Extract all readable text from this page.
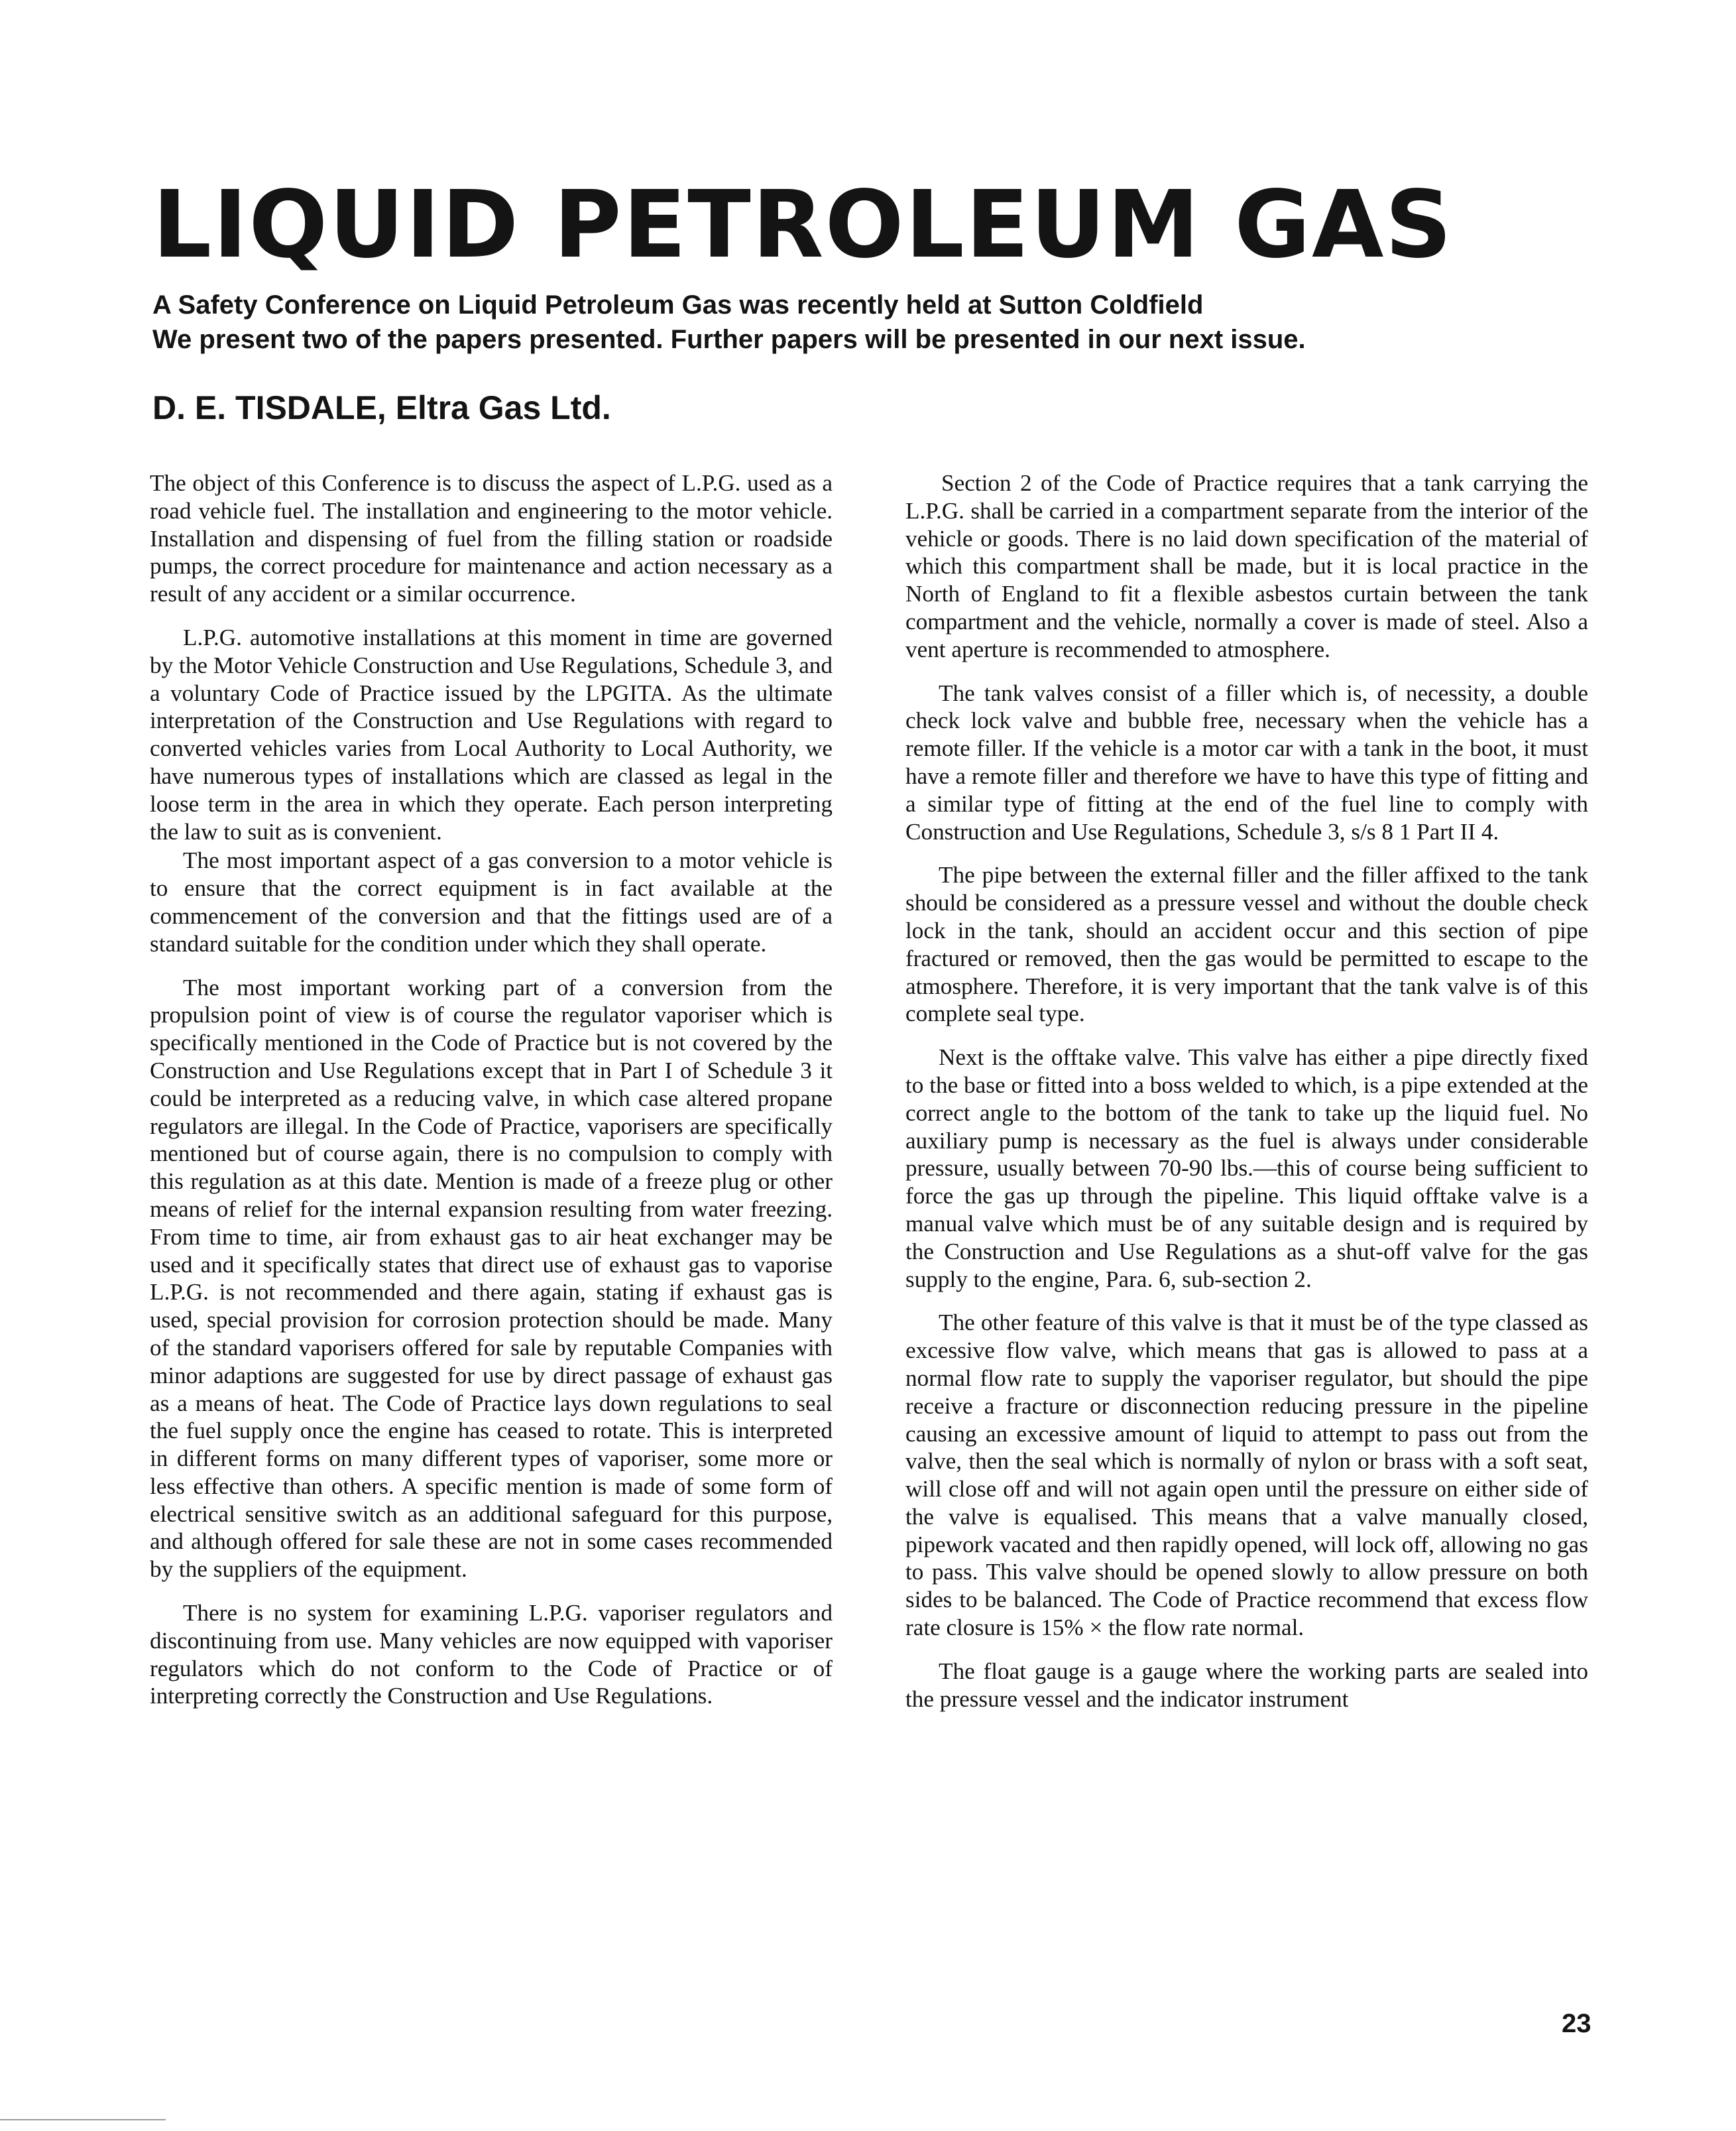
LIQUID PETROLEUM GAS
A Safety Conference on Liquid Petroleum Gas was recently held at Sutton Coldfield
We present two of the papers presented. Further papers will be presented in our next issue.
D. E. TISDALE, Eltra Gas Ltd.

The object of this Conference is to discuss the aspect of L.P.G. used as a road vehicle fuel. The installation and engineering to the motor vehicle. Installation and dispensing of fuel from the filling station or roadside pumps, the correct procedure for maintenance and action necessary as a result of any accident or a similar occurrence.

L.P.G. automotive installations at this moment in time are governed by the Motor Vehicle Construction and Use Regulations, Schedule 3, and a voluntary Code of Practice issued by the LPGITA. As the ultimate interpretation of the Construction and Use Regulations with regard to converted vehicles varies from Local Authority to Local Authority, we have numerous types of installations which are classed as legal in the loose term in the area in which they operate. Each person interpreting the law to suit as is convenient.

The most important aspect of a gas conversion to a motor vehicle is to ensure that the correct equipment is in fact available at the commencement of the conversion and that the fittings used are of a standard suitable for the condition under which they shall operate.

The most important working part of a conversion from the propulsion point of view is of course the regulator vaporiser which is specifically mentioned in the Code of Practice but is not covered by the Construction and Use Regulations except that in Part I of Schedule 3 it could be interpreted as a reducing valve, in which case altered propane regulators are illegal. In the Code of Practice, vaporisers are specifically mentioned but of course again, there is no compulsion to comply with this regulation as at this date. Mention is made of a freeze plug or other means of relief for the internal expansion resulting from water freezing. From time to time, air from exhaust gas to air heat exchanger may be used and it specifically states that direct use of exhaust gas to vaporise L.P.G. is not recommended and there again, stating if exhaust gas is used, special provision for corrosion protection should be made. Many of the standard vaporisers offered for sale by reputable Companies with minor adaptions are suggested for use by direct passage of exhaust gas as a means of heat. The Code of Practice lays down regulations to seal the fuel supply once the engine has ceased to rotate. This is interpreted in different forms on many different types of vaporiser, some more or less effective than others. A specific mention is made of some form of electrical sensitive switch as an additional safeguard for this purpose, and although offered for sale these are not in some cases recommended by the suppliers of the equipment.

There is no system for examining L.P.G. vaporiser regulators and discontinuing from use. Many vehicles are now equipped with vaporiser regulators which do not conform to the Code of Practice or of interpreting correctly the Construction and Use Regulations.

Section 2 of the Code of Practice requires that a tank carrying the L.P.G. shall be carried in a compartment separate from the interior of the vehicle or goods. There is no laid down specification of the material of which this compartment shall be made, but it is local practice in the North of England to fit a flexible asbestos curtain between the tank compartment and the vehicle, normally a cover is made of steel. Also a vent aperture is recommended to atmosphere.

The tank valves consist of a filler which is, of necessity, a double check lock valve and bubble free, necessary when the vehicle has a remote filler. If the vehicle is a motor car with a tank in the boot, it must have a remote filler and therefore we have to have this type of fitting and a similar type of fitting at the end of the fuel line to comply with Construction and Use Regulations, Schedule 3, s/s 8 1 Part II 4.

The pipe between the external filler and the filler affixed to the tank should be considered as a pressure vessel and without the double check lock in the tank, should an accident occur and this section of pipe fractured or removed, then the gas would be permitted to escape to the atmosphere. Therefore, it is very important that the tank valve is of this complete seal type.

Next is the offtake valve. This valve has either a pipe directly fixed to the base or fitted into a boss welded to which, is a pipe extended at the correct angle to the bottom of the tank to take up the liquid fuel. No auxiliary pump is necessary as the fuel is always under considerable pressure, usually between 70-90 lbs.—this of course being sufficient to force the gas up through the pipeline. This liquid offtake valve is a manual valve which must be of any suitable design and is required by the Construction and Use Regulations as a shut-off valve for the gas supply to the engine, Para. 6, sub-section 2.

The other feature of this valve is that it must be of the type classed as excessive flow valve, which means that gas is allowed to pass at a normal flow rate to supply the vaporiser regulator, but should the pipe receive a fracture or disconnection reducing pressure in the pipeline causing an excessive amount of liquid to attempt to pass out from the valve, then the seal which is normally of nylon or brass with a soft seat, will close off and will not again open until the pressure on either side of the valve is equalised. This means that a valve manually closed, pipework vacated and then rapidly opened, will lock off, allowing no gas to pass. This valve should be opened slowly to allow pressure on both sides to be balanced. The Code of Practice recommend that excess flow rate closure is 15% × the flow rate normal.

The float gauge is a gauge where the working parts are sealed into the pressure vessel and the indicator instrument

23
